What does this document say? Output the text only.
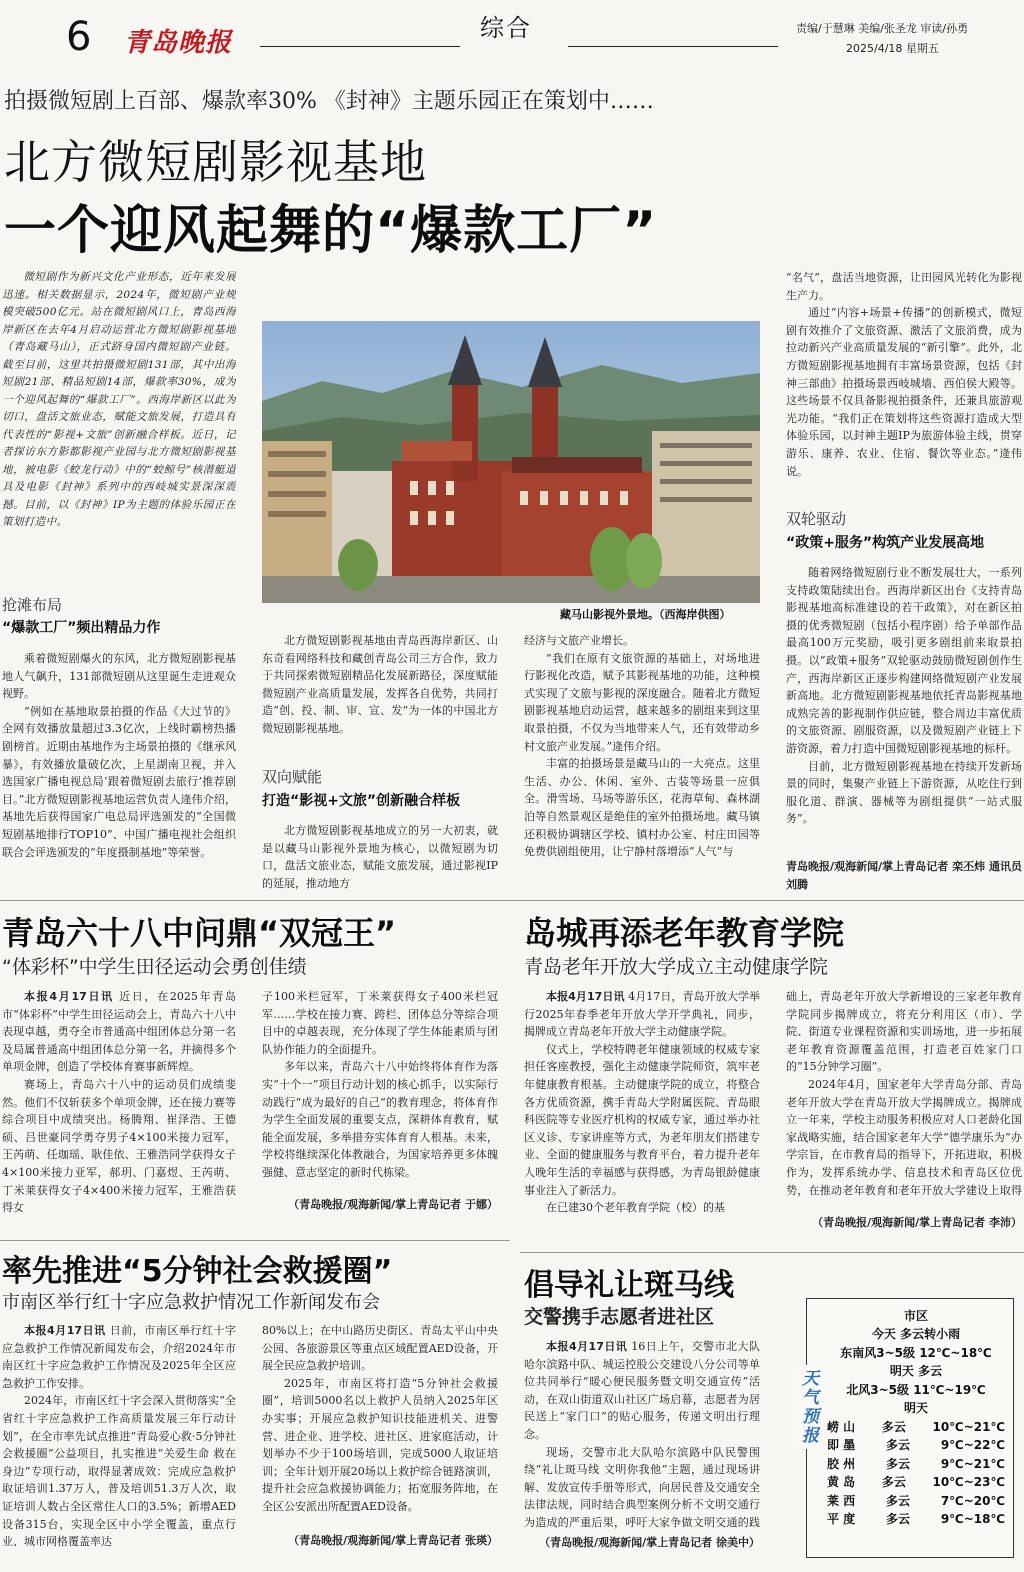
6 青岛晚报	综合	责编/于慧琳 美编/张圣龙 审读/孙勇
2025/4/18 星期五
拍摄微短剧上百部、爆款率30% 《封神》主题乐园正在策划中……
北方微短剧影视基地
一个迎风起舞的“爆款工厂”
微短剧作为新兴文化产业形态，近年来发展迅速。相关数据显示，2024年，微短剧产业规模突破500亿元。站在微短剧风口上，青岛西海岸新区在去年4月启动运营北方微短剧影视基地（青岛藏马山），正式跻身国内微短剧产业链。截至目前，这里共拍摄微短剧131部，其中出海短剧21部、精品短剧14部，爆款率30%，成为一个迎风起舞的“爆款工厂”。西海岸新区以此为切口，盘活文旅业态，赋能文旅发展，打造具有代表性的“影视+文旅”创新融合样板。近日，记者探访东方影都影视产业园与北方微短剧影视基地，被电影《蛟龙行动》中的“蛟鲸号”核潜艇道具及电影《封神》系列中的西岐城实景深深震撼。目前，以《封神》IP为主题的体验乐园正在策划打造中。
抢滩布局
“爆款工厂”频出精品力作

乘着微短剧爆火的东风，北方微短剧影视基地人气飙升，131部微短剧从这里诞生走进观众视野。

“例如在基地取景拍摄的作品《大过节的》全网有效播放量超过3.3亿次，上线时霸榜热播剧榜首。近期由基地作为主场景拍摄的《继承风暴》，有效播放量破亿次，上星湖南卫视，并入选国家广播电视总局‘跟着微短剧去旅行’推荐剧目。”北方微短剧影视基地运营负责人逄伟介绍，基地先后获得国家广电总局评选颁发的“全国微短剧基地排行TOP10”、中国广播电视社会组织联合会评选颁发的“年度摄制基地”等荣誉。

藏马山影视外景地。（西海岸供图）
北方微短剧影视基地由青岛西海岸新区、山东奇看网络科技和藏创青岛公司三方合作，致力于共同探索微短剧精品化发展新路径，深度赋能微短剧产业高质量发展，发挥各自优势，共同打造“创、投、制、审、宣、发”为一体的中国北方微短剧影视基地。
双向赋能
打造“影视+文旅”创新融合样板
北方微短剧影视基地成立的另一大初衷，就是以藏马山影视外景地为核心，以微短剧为切口，盘活文旅业态，赋能文旅发展，通过影视IP的延展，推动地方

经济与文旅产业增长。

“我们在原有文旅资源的基础上，对场地进行影视化改造，赋予其影视基地的功能，这种模式实现了文旅与影视的深度融合。随着北方微短剧影视基地启动运营，越来越多的剧组来到这里取景拍摄，不仅为当地带来人气，还有效带动乡村文旅产业发展。”逄伟介绍。

丰富的拍摄场景是藏马山的一大亮点。这里生活、办公、休闲、室外、古装等场景一应俱全。滑雪场、马场等游乐区，花海草甸、森林湖泊等自然景观区是绝佳的室外拍摄场地。藏马镇还积极协调辖区学校、镇村办公室、村庄田园等免费供剧组使用，让宁静村落增添“人气”与

“名气”，盘活当地资源，让田园风光转化为影视生产力。

通过“内容+场景+传播”的创新模式，微短剧有效推介了文旅资源、激活了文旅消费，成为拉动新兴产业高质量发展的“新引擎”。此外，北方微短剧影视基地拥有丰富场景资源，包括《封神三部曲》拍摄场景西岐城墙、西伯侯大殿等。这些场景不仅具备影视拍摄条件，还兼具旅游观光功能。“我们正在策划将这些资源打造成大型体验乐园，以封神主题IP为旅游体验主线，贯穿游乐、康养、农业、住宿、餐饮等业态。”逄伟说。

双轮驱动
“政策+服务”构筑产业发展高地

随着网络微短剧行业不断发展壮大，一系列支持政策陆续出台。西海岸新区出台《支持青岛影视基地高标准建设的若干政策》，对在新区拍摄的优秀微短剧（包括小程序剧）给予单部作品最高100万元奖励，吸引更多剧组前来取景拍摄。以“政策+服务”双轮驱动鼓励微短剧创作生产，西海岸新区正逐步构建网络微短剧产业发展新高地。北方微短剧影视基地依托青岛影视基地成熟完善的影视制作供应链，整合周边丰富优质的文旅资源、剧服资源，以及微短剧产业链上下游资源，着力打造中国微短剧影视基地的标杆。

目前，北方微短剧影视基地在持续开发新场景的同时，集聚产业链上下游资源，从吃住行到服化道、群演、器械等为剧组提供“一站式服务”。

青岛晚报/观海新闻/掌上青岛记者 栾丕炜 通讯员 刘腾
青岛六十八中问鼎“双冠王”
“体彩杯”中学生田径运动会勇创佳绩

本报4月17日讯 近日，在2025年青岛市“体彩杯”中学生田径运动会上，青岛六十八中表现卓越，勇夺全市普通高中组团体总分第一名及局属普通高中组团体总分第一名，并摘得多个单项金牌，创造了学校体育赛事新辉煌。

赛场上，青岛六十八中的运动员们成绩斐然。他们不仅斩获多个单项金牌，还在接力赛等综合项目中成绩突出。杨腾翔、崔泽浩、王德硕、吕世豪同学勇夺男子4×100米接力冠军，王芮萌、任珈瑶、耿佳依、王雅浩同学获得女子4×100米接力亚军，郝玥、门嘉煜、王芮萌、丁米莱获得女子4×400米接力冠军，王雅浩获得女

子100米栏冠军，丁米莱获得女子400米栏冠军……学校在接力赛、跨栏、团体总分等综合项目中的卓越表现，充分体现了学生体能素质与团队协作能力的全面提升。

多年以来，青岛六十八中始终将体育作为落实“十个一”项目行动计划的核心抓手，以实际行动践行“成为最好的自己”的教育理念，将体育作为学生全面发展的重要支点，深耕体育教育，赋能全面发展，多举措夯实体育育人根基。未来，学校将继续深化体教融合，为国家培养更多体魄强健、意志坚定的新时代栋梁。

（青岛晚报/观海新闻/掌上青岛记者 于娜）
岛城再添老年教育学院
青岛老年开放大学成立主动健康学院

本报4月17日讯 4月17日，青岛开放大学举行2025年春季老年开放大学开学典礼，同步，揭牌成立青岛老年开放大学主动健康学院。

仪式上，学校特聘老年健康领域的权威专家担任客座教授，强化主动健康学院师资，筑牢老年健康教育根基。主动健康学院的成立，将整合各方优质资源，携手青岛大学附属医院、青岛眼科医院等专业医疗机构的权威专家，通过举办社区义诊、专家讲座等方式，为老年朋友们搭建专业、全面的健康服务与教育平台，着力提升老年人晚年生活的幸福感与获得感，为青岛银龄健康事业注入了新活力。

在已建30个老年教育学院（校）的基

础上，青岛老年开放大学新增设的三家老年教育学院同步揭牌成立，将充分利用区（市）、学院、街道专业课程资源和实训场地，进一步拓展老年教育资源覆盖范围，打造老百姓家门口的“15分钟学习圈”。

2024年4月，国家老年大学青岛分部、青岛老年开放大学在青岛开放大学揭牌成立。揭牌成立一年来，学校主动服务积极应对人口老龄化国家战略实施，结合国家老年大学“德学康乐为”办学宗旨，在市教育局的指导下，开拓进取，积极作为，发挥系统办学、信息技术和青岛区位优势，在推动老年教育和老年开放大学建设上取得

（青岛晚报/观海新闻/掌上青岛记者 李沛）
率先推进“5分钟社会救援圈”
市南区举行红十字应急救护情况工作新闻发布会

本报4月17日讯 日前，市南区举行红十字应急救护工作情况新闻发布会，介绍2024年市南区红十字应急救护工作情况及2025年全区应急救护工作安排。

2024年，市南区红十字会深入贯彻落实“全省红十字应急救护工作高质量发展三年行动计划”，在全市率先试点推进“青岛爱心救·5分钟社会救援圈”公益项目，扎实推进“关爱生命 救在身边”专项行动，取得显著成效：完成应急救护取证培训1.37万人，普及培训51.3万人次，取证培训人数占全区常住人口的3.5%；新增AED设备315台，实现全区中小学全覆盖，重点行业、城市网格覆盖率达

80%以上；在中山路历史街区、青岛太平山中央公园、各旅游景区等重点区域配置AED设备，开展全民应急救护培训。

2025年，市南区将打造“5分钟社会救援圈”，培训5000名以上救护人员纳入2025年区办实事；开展应急救护知识技能进机关、进警营、进企业、进学校、进社区、进家庭活动，计划举办不少于100场培训，完成5000人取证培训；全年计划开展20场以上救护综合链路演训，提升社会应急救援协调能力；拓宽服务阵地，在全区公安派出所配置AED设备。

（青岛晚报/观海新闻/掌上青岛记者 张瑛）
倡导礼让斑马线
交警携手志愿者进社区

本报4月17日讯 16日上午，交警市北大队哈尔滨路中队、城运控股公交建设八分公司等单位共同举行“暖心便民服务暨文明交通宣传”活动，在双山街道双山社区广场启幕，志愿者为居民送上“家门口”的贴心服务，传递文明出行理念。

现场，交警市北大队哈尔滨路中队民警围绕“礼让斑马线 文明你我他”主题，通过现场讲解、发放宣传手册等形式，向居民普及交通安全法律法规，同时结合典型案例分析不文明交通行为造成的严重后果，呼吁大家争做文明交通的践

（青岛晚报/观海新闻/掌上青岛记者 徐美中）
天气预报
市区
今天 多云转小雨
东南风3~5级 12℃~18℃
明天 多云
北风3~5级 11℃~19℃
明天
崂 山 多云 10℃~21℃
即 墨	多云	9℃~22℃
胶 州	多云	9℃~21℃
黄 岛 多云 10℃~23℃
莱 西	多云	7℃~20℃
平 度	多云	9℃~18℃
